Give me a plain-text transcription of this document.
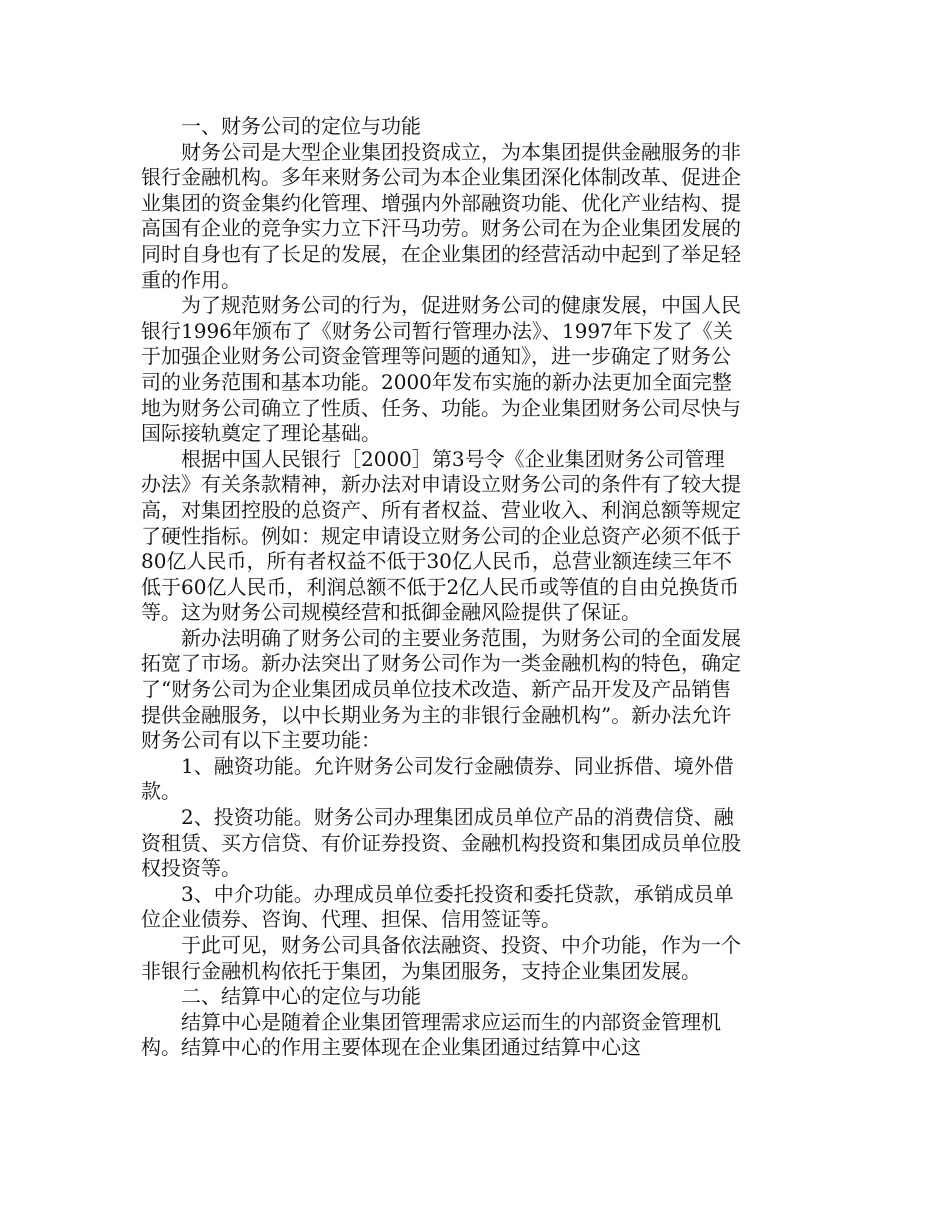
一、财务公司的定位与功能

财务公司是大型企业集团投资成立，为本集团提供金融服务的非银行金融机构。多年来财务公司为本企业集团深化体制改革、促进企业集团的资金集约化管理、增强内外部融资功能、优化产业结构、提高国有企业的竞争实力立下汗马功劳。财务公司在为企业集团发展的同时自身也有了长足的发展，在企业集团的经营活动中起到了举足轻重的作用。

为了规范财务公司的行为，促进财务公司的健康发展，中国人民银行1996年颁布了《财务公司暂行管理办法》、1997年下发了《关于加强企业财务公司资金管理等问题的通知》，进一步确定了财务公司的业务范围和基本功能。2000年发布实施的新办法更加全面完整地为财务公司确立了性质、任务、功能。为企业集团财务公司尽快与国际接轨奠定了理论基础。

根据中国人民银行［2000］第3号令《企业集团财务公司管理办法》有关条款精神，新办法对申请设立财务公司的条件有了较大提高，对集团控股的总资产、所有者权益、营业收入、利润总额等规定了硬性指标。例如：规定申请设立财务公司的企业总资产必须不低于80亿人民币，所有者权益不低于30亿人民币，总营业额连续三年不低于60亿人民币，利润总额不低于2亿人民币或等值的自由兑换货币等。这为财务公司规模经营和抵御金融风险提供了保证。

新办法明确了财务公司的主要业务范围，为财务公司的全面发展拓宽了市场。新办法突出了财务公司作为一类金融机构的特色，确定了“财务公司为企业集团成员单位技术改造、新产品开发及产品销售提供金融服务，以中长期业务为主的非银行金融机构”。新办法允许财务公司有以下主要功能：

1、融资功能。允许财务公司发行金融债券、同业拆借、境外借款。

2、投资功能。财务公司办理集团成员单位产品的消费信贷、融资租赁、买方信贷、有价证券投资、金融机构投资和集团成员单位股权投资等。

3、中介功能。办理成员单位委托投资和委托贷款，承销成员单位企业债券、咨询、代理、担保、信用签证等。

于此可见，财务公司具备依法融资、投资、中介功能，作为一个非银行金融机构依托于集团，为集团服务，支持企业集团发展。

二、结算中心的定位与功能

结算中心是随着企业集团管理需求应运而生的内部资金管理机构。结算中心的作用主要体现在企业集团通过结算中心这
